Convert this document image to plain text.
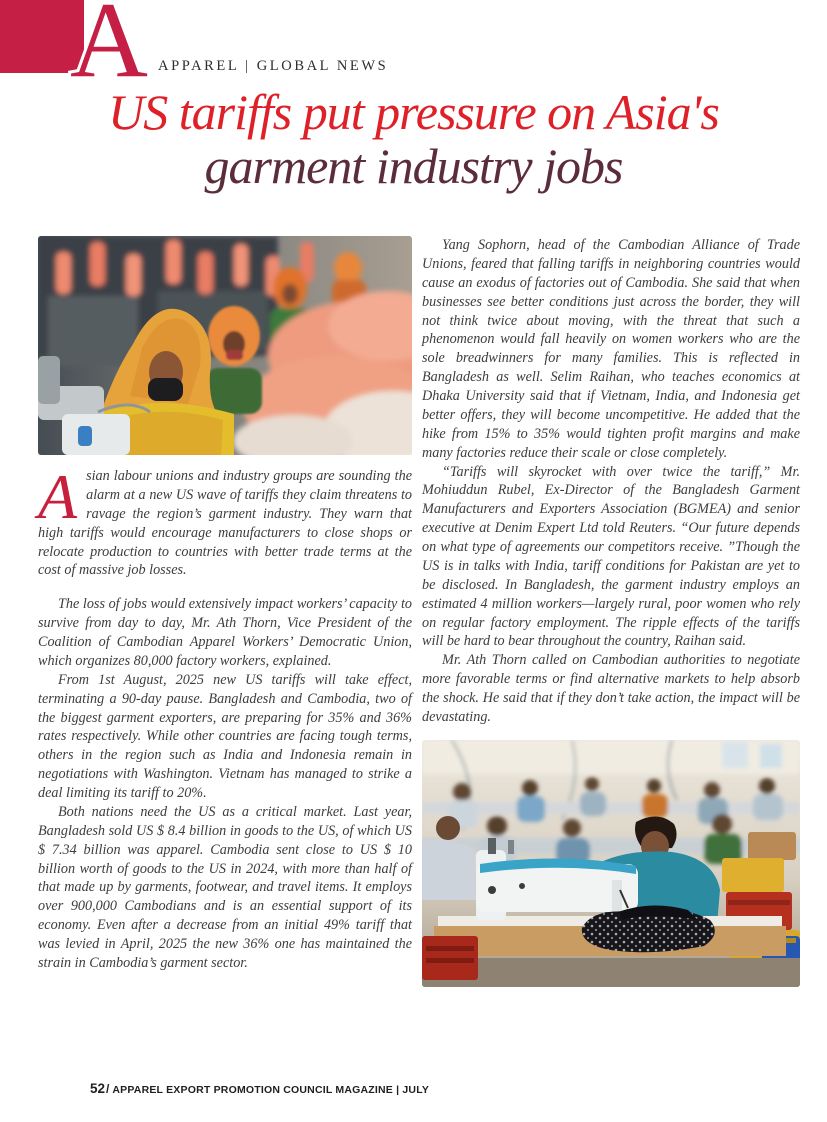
A APPAREL | GLOBAL NEWS
US tariffs put pressure on Asia's
garment industry jobs

Asian labour unions and industry groups are sounding the alarm at a new US wave of tariffs they claim threatens to ravage the region’s garment industry. They warn that high tariffs would encourage manufacturers to close shops or relocate production to countries with better trade terms at the cost of massive job losses.

The loss of jobs would extensively impact workers’ capacity to survive from day to day, Mr. Ath Thorn, Vice President of the Coalition of Cambodian Apparel Workers’ Democratic Union, which organizes 80,000 factory workers, explained.

From 1st August, 2025 new US tariffs will take effect, terminating a 90-day pause. Bangladesh and Cambodia, two of the biggest garment exporters, are preparing for 35% and 36% rates respectively. While other countries are facing tough terms, others in the region such as India and Indonesia remain in negotiations with Washington. Vietnam has managed to strike a deal limiting its tariff to 20%.

Both nations need the US as a critical market. Last year, Bangladesh sold US $ 8.4 billion in goods to the US, of which US $ 7.34 billion was apparel. Cambodia sent close to US $ 10 billion worth of goods to the US in 2024, with more than half of that made up by garments, footwear, and travel items. It employs over 900,000 Cambodians and is an essential support of its economy. Even after a decrease from an initial 49% tariff that was levied in April, 2025 the new 36% one has maintained the strain in Cambodia’s garment sector.

Yang Sophorn, head of the Cambodian Alliance of Trade Unions, feared that falling tariffs in neighboring countries would cause an exodus of factories out of Cambodia. She said that when businesses see better conditions just across the border, they will not think twice about moving, with the threat that such a phenomenon would fall heavily on women workers who are the sole breadwinners for many families. This is reflected in Bangladesh as well. Selim Raihan, who teaches economics at Dhaka University said that if Vietnam, India, and Indonesia get better offers, they will become uncompetitive. He added that the hike from 15% to 35% would tighten profit margins and make many factories reduce their scale or close completely.

“Tariffs will skyrocket with over twice the tariff,” Mr. Mohiuddun Rubel, Ex-Director of the Bangladesh Garment Manufacturers and Exporters Association (BGMEA) and senior executive at Denim Expert Ltd told Reuters. “Our future depends on what type of agreements our competitors receive. ”Though the US is in talks with India, tariff conditions for Pakistan are yet to be disclosed. In Bangladesh, the garment industry employs an estimated 4 million workers—largely rural, poor women who rely on regular factory employment. The ripple effects of the tariffs will be hard to bear throughout the country, Raihan said.

Mr. Ath Thorn called on Cambodian authorities to negotiate more favorable terms or find alternative markets to help absorb the shock. He said that if they don’t take action, the impact will be devastating.

52/ APPAREL EXPORT PROMOTION COUNCIL MAGAZINE | JULY
